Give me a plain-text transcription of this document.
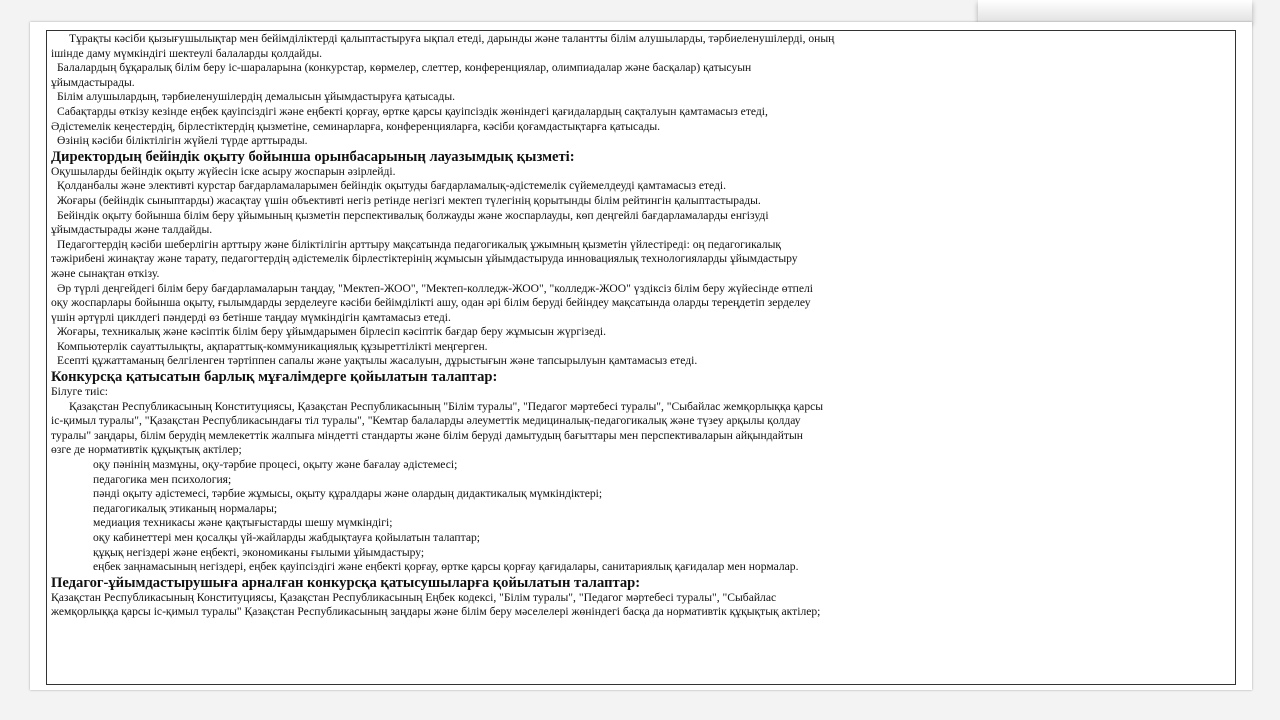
Тұрақты кәсіби қызығушылықтар мен бейімділіктерді қалыптастыруға ықпал етеді, дарынды және талантты білім алушыларды, тәрбиеленушілерді, оның
ішінде даму мүмкіндігі шектеулі балаларды қолдайды.
Балалардың бұқаралық білім беру іс-шараларына (конкурстар, көрмелер, слеттер, конференциялар, олимпиадалар және басқалар) қатысуын
ұйымдастырады.
Білім алушылардың, тәрбиеленушілердің демалысын ұйымдастыруға қатысады.
Сабақтарды өткізу кезінде еңбек қауіпсіздігі және еңбекті қорғау, өртке қарсы қауіпсіздік жөніндегі қағидалардың сақталуын қамтамасыз етеді,
Әдістемелік кеңестердің, бірлестіктердің қызметіне, семинарларға, конференцияларға, кәсіби қоғамдастықтарға қатысады.
Өзінің кәсіби біліктілігін жүйелі түрде арттырады.
Директордың бейіндік оқыту бойынша орынбасарының лауазымдық қызметі:
Оқушыларды бейіндік оқыту жүйесін іске асыру жоспарын әзірлейді.
Қолданбалы және элективті курстар бағдарламаларымен бейіндік оқытуды бағдарламалық-әдістемелік сүйемелдеуді қамтамасыз етеді.
Жоғары (бейіндік сыныптарды) жасақтау үшін объективті негіз ретінде негізгі мектеп түлегінің қорытынды білім рейтингін қалыптастырады.
Бейіндік оқыту бойынша білім беру ұйымының қызметін перспективалық болжауды және жоспарлауды, көп деңгейлі бағдарламаларды енгізуді
ұйымдастырады және талдайды.
Педагогтердің кәсіби шеберлігін арттыру және біліктілігін арттыру мақсатында педагогикалық ұжымның қызметін үйлестіреді: оң педагогикалық
тәжірибені жинақтау және тарату, педагогтердің әдістемелік бірлестіктерінің жұмысын ұйымдастыруда инновациялық технологияларды ұйымдастыру
және сынақтан өткізу.
Әр түрлі деңгейдегі білім беру бағдарламаларын таңдау, "Мектеп-ЖОО", "Мектеп-колледж-ЖОО", "колледж-ЖОО" үздіксіз білім беру жүйесінде өтпелі
оқу жоспарлары бойынша оқыту, ғылымдарды зерделеуге кәсіби бейімділікті ашу, одан әрі білім беруді бейіндеу мақсатында оларды тереңдетіп зерделеу
үшін әртүрлі циклдегі пәндерді өз бетінше таңдау мүмкіндігін қамтамасыз етеді.
Жоғары, техникалық және кәсіптік білім беру ұйымдарымен бірлесіп кәсіптік бағдар беру жұмысын жүргізеді.
Компьютерлік сауаттылықты, ақпараттық-коммуникациялық құзыреттілікті меңгерген.
Есепті құжаттаманың белгіленген тәртіппен сапалы және уақтылы жасалуын, дұрыстығын және тапсырылуын қамтамасыз етеді.
Конкурсқа қатысатын барлық мұғалімдерге қойылатын талаптар:
Білуге тиіс:
Қазақстан Республикасының Конституциясы, Қазақстан Республикасының "Білім туралы", "Педагог мәртебесі туралы", "Сыбайлас жемқорлыққа қарсы
іс-қимыл туралы", "Қазақстан Республикасындағы тіл туралы", "Кемтар балаларды әлеуметтік медициналық-педагогикалық және түзеу арқылы қолдау
туралы" заңдары, білім берудің мемлекеттік жалпыға міндетті стандарты және білім беруді дамытудың бағыттары мен перспективаларын айқындайтын
өзге де нормативтік құқықтық актілер;
оқу пәнінің мазмұны, оқу-тәрбие процесі, оқыту және бағалау әдістемесі;
педагогика мен психология;
пәнді оқыту әдістемесі, тәрбие жұмысы, оқыту құралдары және олардың дидактикалық мүмкіндіктері;
педагогикалық этиканың нормалары;
медиация техникасы және қақтығыстарды шешу мүмкіндігі;
оқу кабинеттері мен қосалқы үй-жайларды жабдықтауға қойылатын талаптар;
құқық негіздері және еңбекті, экономиканы ғылыми ұйымдастыру;
еңбек заңнамасының негіздері, еңбек қауіпсіздігі және еңбекті қорғау, өртке қарсы қорғау қағидалары, санитариялық қағидалар мен нормалар.
Педагог-ұйымдастырушыға арналған конкурсқа қатысушыларға қойылатын талаптар:
Қазақстан Республикасының Конституциясы, Қазақстан Республикасының Еңбек кодексі, "Білім туралы", "Педагог мәртебесі туралы", "Сыбайлас
жемқорлыққа қарсы іс-қимыл туралы" Қазақстан Республикасының заңдары және білім беру мәселелері жөніндегі басқа да нормативтік құқықтық актілер;
